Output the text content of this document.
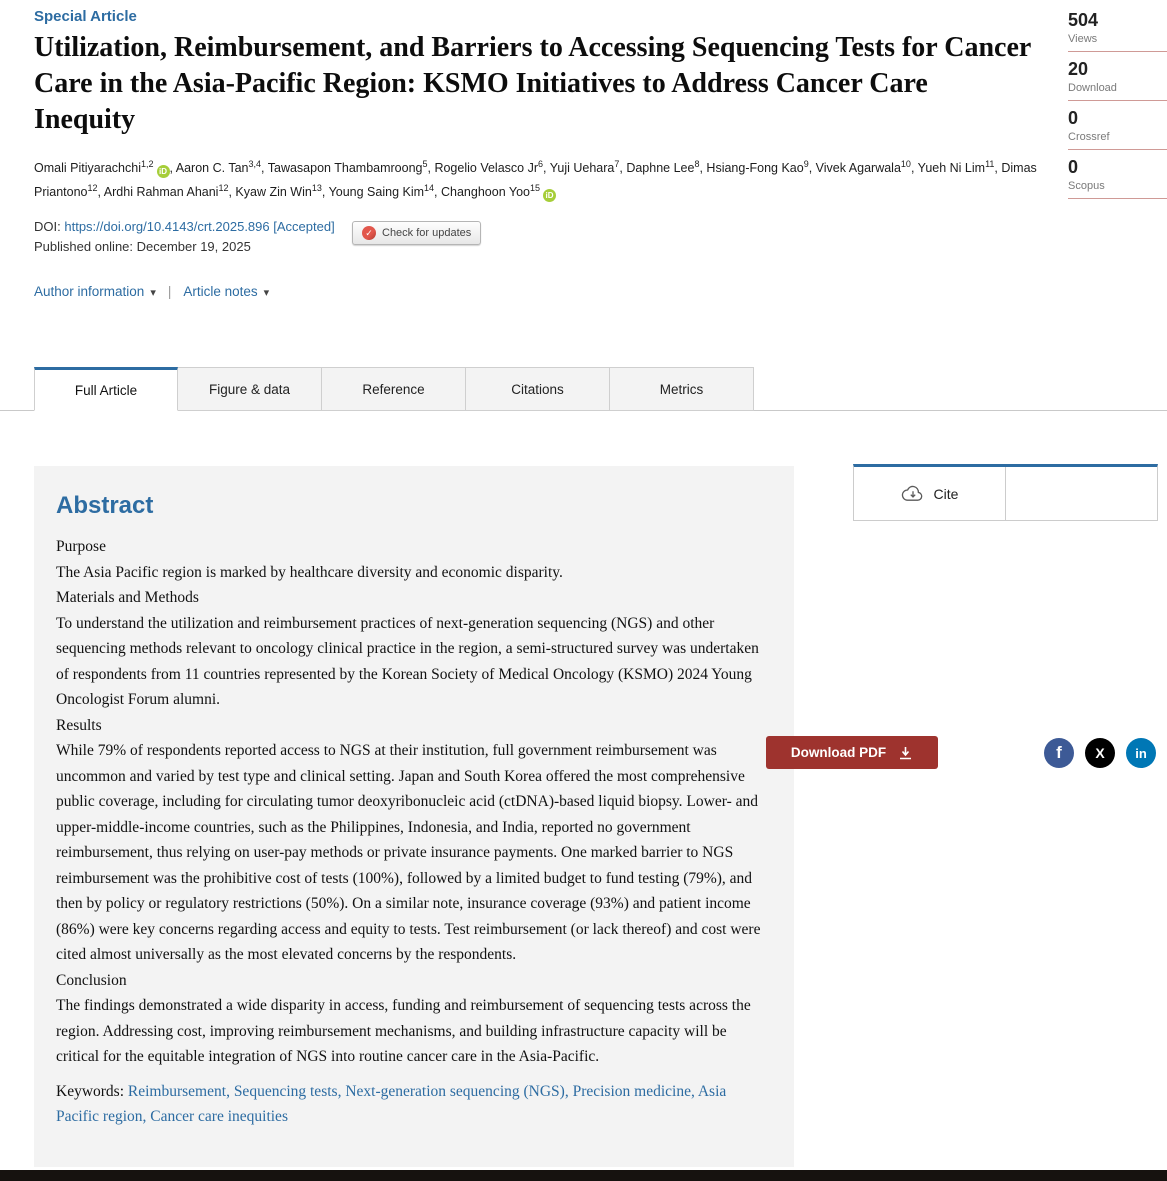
Special Article
Utilization, Reimbursement, and Barriers to Accessing Sequencing Tests for Cancer Care in the Asia-Pacific Region: KSMO Initiatives to Address Cancer Care Inequity
Omali Pitiyarachchi$^{1,2}$iD , Aaron C. Tan$^{3,4}$, Tawasapon Thambamroong$^5$, Rogelio Velasco Jr$^6$, Yuji Uehara$^7$, Daphne Lee$^8$, Hsiang-Fong Kao$^9$, Vivek Agarwala$^{10}$, Yueh Ni Lim$^{11}$, Dimas Priantono$^{12}$, Ardhi Rahman Ahani$^{12}$, Kyaw Zin Win$^{13}$, Young Saing Kim$^{14}$, Changhoon Yoo$^{15}$iD
DOI: https://doi.org/10.4143/crt.2025.896 [Accepted]
Published online: December 19, 2025
✓
Check for updates
Author information ▾ |	Article notes▾
504
Views
20
Download
0
Crossref
0
Scopus
Full Article	Figure & data	Reference	Citations	Metrics
Download PDF	f	X	in
Abstract
Purpose
The Asia Pacific region is marked by healthcare diversity and economic disparity.
Materials and Methods
To understand the utilization and reimbursement practices of next-generation sequencing (NGS) and other sequencing methods relevant to oncology clinical practice in the region, a semi-structured survey was undertaken of respondents from 11 countries represented by the Korean Society of Medical Oncology (KSMO) 2024 Young Oncologist Forum alumni.
Results
While 79% of respondents reported access to NGS at their institution, full government reimbursement was uncommon and varied by test type and clinical setting. Japan and South Korea offered the most comprehensive public coverage, including for circulating tumor deoxyribonucleic acid (ctDNA)-based liquid biopsy. Lower- and upper-middle-income countries, such as the Philippines, Indonesia, and India, reported no government reimbursement, thus relying on user-pay methods or private insurance payments. One marked barrier to NGS reimbursement was the prohibitive cost of tests (100%), followed by a limited budget to fund testing (79%), and then by policy or regulatory restrictions (50%). On a similar note, insurance coverage (93%) and patient income (86%) were key concerns regarding access and equity to tests. Test reimbursement (or lack thereof) and cost were cited almost universally as the most elevated concerns by the respondents.
Conclusion
The findings demonstrated a wide disparity in access, funding and reimbursement of sequencing tests across the region. Addressing cost, improving reimbursement mechanisms, and building infrastructure capacity will be critical for the equitable integration of NGS into routine cancer care in the Asia-Pacific.
Keywords: Reimbursement, Sequencing tests, Next-generation sequencing (NGS), Precision medicine, Asia Pacific region, Cancer care inequities
Cite
